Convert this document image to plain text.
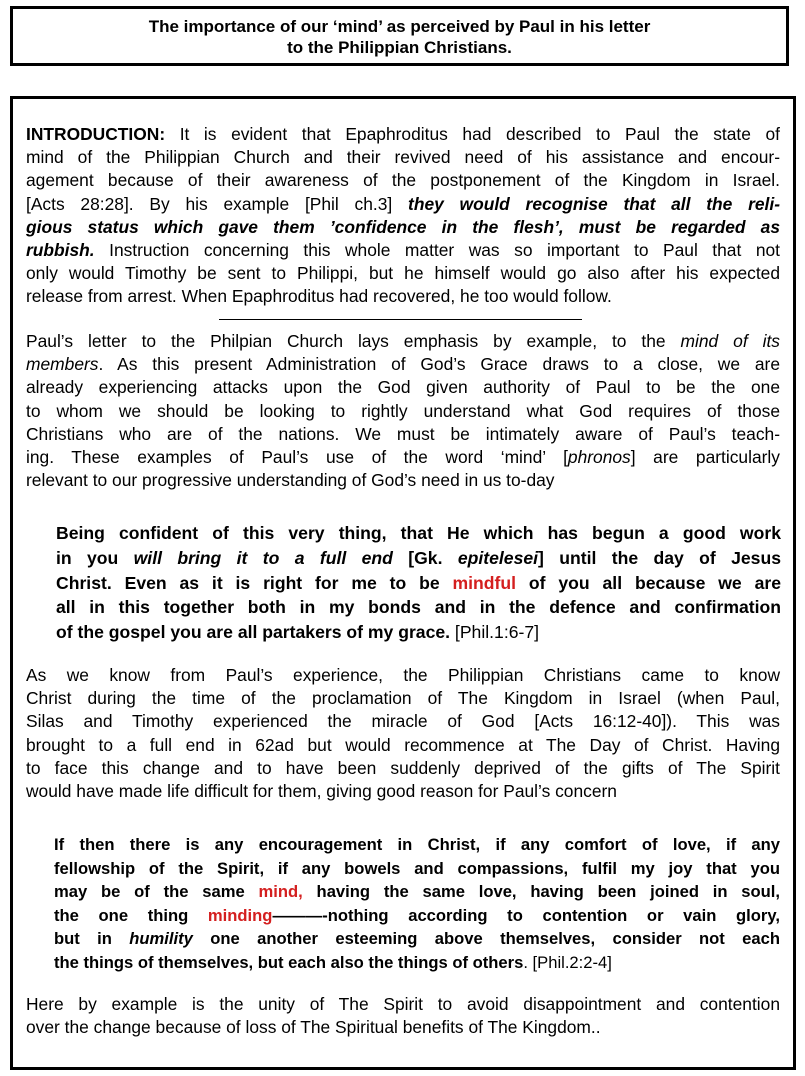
The importance of our ‘mind’ as perceived by Paul in his letter
to the Philippian Christians.
INTRODUCTION: It is evident that Epaphroditus had described to Paul the state of
mind of the Philippian Church and their revived need of his assistance and encour-
agement because of their awareness of the postponement of the Kingdom in Israel.
[Acts 28:28]. By his example [Phil ch.3] they would recognise that all the reli-
gious status which gave them ’confidence in the flesh’, must be regarded as
rubbish. Instruction concerning this whole matter was so important to Paul that not
only would Timothy be sent to Philippi, but he himself would go also after his expected
release from arrest. When Epaphroditus had recovered, he too would follow.
Paul’s letter to the Philpian Church lays emphasis by example, to the mind of its
members. As this present Administration of God’s Grace draws to a close, we are
already experiencing attacks upon the God given authority of Paul to be the one
to whom we should be looking to rightly understand what God requires of those
Christians who are of the nations. We must be intimately aware of Paul’s teach-
ing. These examples of Paul’s use of the word ‘mind’ [phronos] are particularly
relevant to our progressive understanding of God’s need in us to-day
Being confident of this very thing, that He which has begun a good work
in you will bring it to a full end [Gk. epitelesei] until the day of Jesus
Christ. Even as it is right for me to be mindful of you all because we are
all in this together both in my bonds and in the defence and confirmation
of the gospel you are all partakers of my grace. [Phil.1:6-7]
As we know from Paul’s experience, the Philippian Christians came to know
Christ during the time of the proclamation of The Kingdom in Israel (when Paul,
Silas and Timothy experienced the miracle of God [Acts 16:12-40]). This was
brought to a full end in 62ad but would recommence at The Day of Christ. Having
to face this change and to have been suddenly deprived of the gifts of The Spirit
would have made life difficult for them, giving good reason for Paul’s concern
If then there is any encouragement in Christ, if any comfort of love, if any
fellowship of the Spirit, if any bowels and compassions, fulfil my joy that you
may be of the same mind, having the same love, having been joined in soul,
the one thing minding———-nothing according to contention or vain glory,
but in humility one another esteeming above themselves, consider not each
the things of themselves, but each also the things of others. [Phil.2:2-4]
Here by example is the unity of The Spirit to avoid disappointment and contention
over the change because of loss of The Spiritual benefits of The Kingdom..
